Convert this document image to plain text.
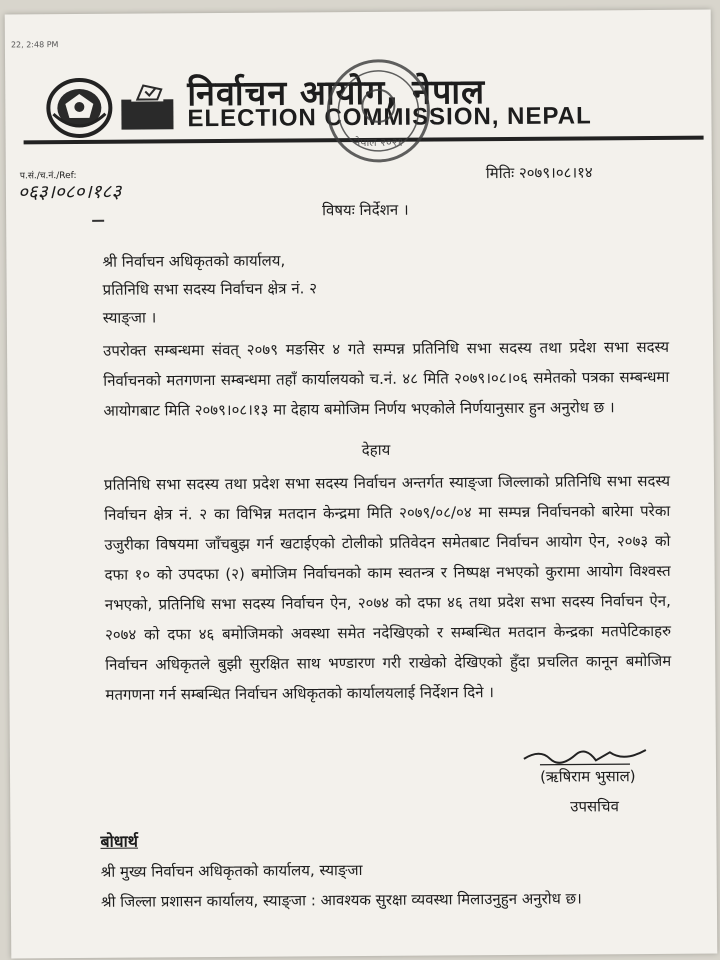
22, 2:48 PM
निर्वाचन आयोग, नेपाल
ELECTION COMMISSION, NEPAL
नेपाल २०२१
प.सं./च.नं./Ref:
०६३।०८०।१८३
मितिः २०७९।०८।१४
विषयः निर्देशन ।
श्री निर्वाचन अधिकृतको कार्यालय,
प्रतिनिधि सभा सदस्य निर्वाचन क्षेत्र नं. २
स्याङ्जा ।
उपरोक्त सम्बन्धमा संवत् २०७९ मङसिर ४ गते सम्पन्न प्रतिनिधि सभा सदस्य तथा प्रदेश सभा सदस्य निर्वाचनको मतगणना सम्बन्धमा तहाँ कार्यालयको च.नं. ४८ मिति २०७९।०८।०६ समेतको पत्रका सम्बन्धमा आयोगबाट मिति २०७९।०८।१३ मा देहाय बमोजिम निर्णय भएकोले निर्णयानुसार हुन अनुरोध छ ।
देहाय
प्रतिनिधि सभा सदस्य तथा प्रदेश सभा सदस्य निर्वाचन अन्तर्गत स्याङ्जा जिल्लाको प्रतिनिधि सभा सदस्य निर्वाचन क्षेत्र नं. २ का विभिन्न मतदान केन्द्रमा मिति २०७९/०८/०४ मा सम्पन्न निर्वाचनको बारेमा परेका उजुरीका विषयमा जाँचबुझ गर्न खटाईएको टोलीको प्रतिवेदन समेतबाट निर्वाचन आयोग ऐन, २०७३ को दफा १० को उपदफा (२) बमोजिम निर्वाचनको काम स्वतन्त्र र निष्पक्ष नभएको कुरामा आयोग विश्वस्त नभएको, प्रतिनिधि सभा सदस्य निर्वाचन ऐन, २०७४ को दफा ४६ तथा प्रदेश सभा सदस्य निर्वाचन ऐन, २०७४ को दफा ४६ बमोजिमको अवस्था समेत नदेखिएको र सम्बन्धित मतदान केन्द्रका मतपेटिकाहरु निर्वाचन अधिकृतले बुझी सुरक्षित साथ भण्डारण गरी राखेको देखिएको हुँदा प्रचलित कानून बमोजिम मतगणना गर्न सम्बन्धित निर्वाचन अधिकृतको कार्यालयलाई निर्देशन दिने ।
(ऋषिराम भुसाल)
उपसचिव
बोधार्थ
श्री मुख्य निर्वाचन अधिकृतको कार्यालय, स्याङ्जा
श्री जिल्ला प्रशासन कार्यालय, स्याङ्जा : आवश्यक सुरक्षा व्यवस्था मिलाउनुहुन अनुरोध छ।
